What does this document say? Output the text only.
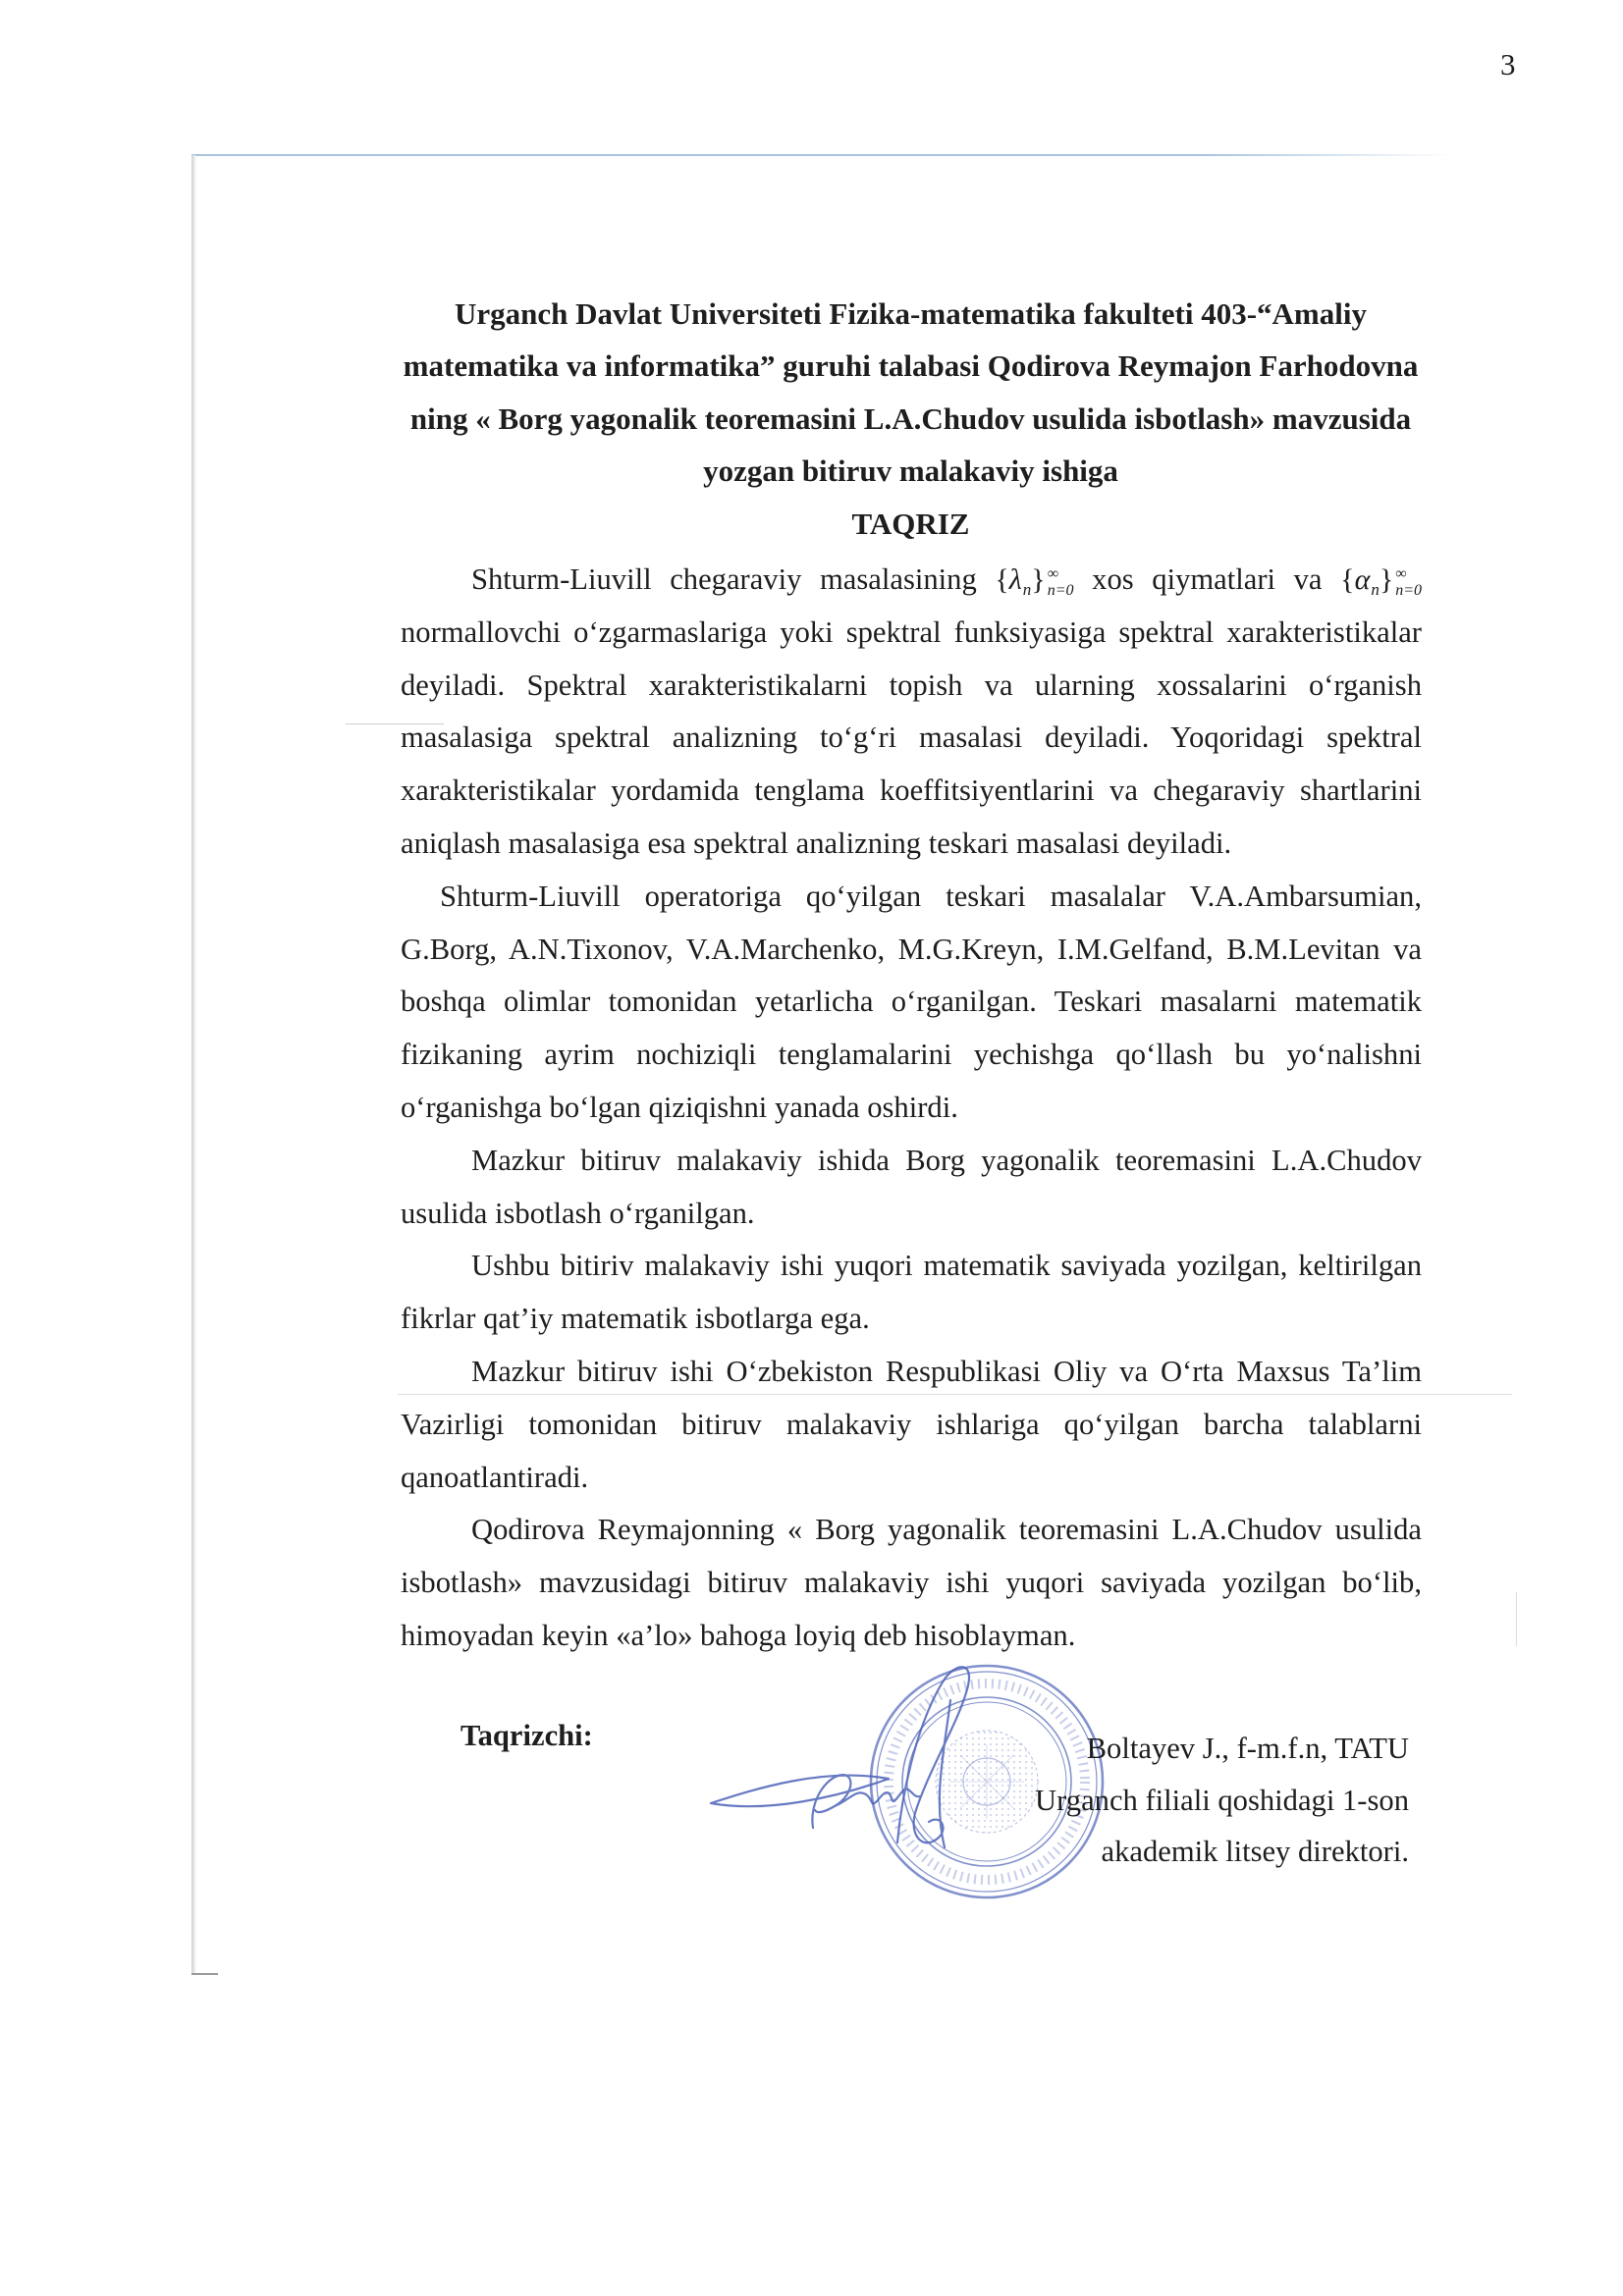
3
Urganch Davlat Universiteti Fizika-matematika fakulteti 403-“Amaliy
matematika va informatika” guruhi talabasi Qodirova Reymajon Farhodovna
ning « Borg yagonalik teoremasini L.A.Chudov usulida isbotlash» mavzusida
yozgan bitiruv malakaviy ishiga
TAQRIZ

Shturm-Liuvill chegaraviy masalasining {λn} ∞
n=0 xos qiymatlari va {αn} ∞
n=0
normallovchi o‘zgarmaslariga yoki spektral funksiyasiga spektral xarakteristikalar deyiladi. Spektral xarakteristikalarni topish va ularning xossalarini o‘rganish masalasiga spektral analizning to‘g‘ri masalasi deyiladi. Yoqoridagi spektral xarakteristikalar yordamida tenglama koeffitsiyentlarini va chegaraviy shartlarini aniqlash masalasiga esa spektral analizning teskari masalasi deyiladi.

Shturm-Liuvill operatoriga qo‘yilgan teskari masalalar V.A.Ambarsumian, G.Borg, A.N.Tixonov, V.A.Marchenko, M.G.Kreyn, I.M.Gelfand, B.M.Levitan va boshqa olimlar tomonidan yetarlicha o‘rganilgan. Teskari masalarni matematik fizikaning ayrim nochiziqli tenglamalarini yechishga qo‘llash bu yo‘nalishni o‘rganishga bo‘lgan qiziqishni yanada oshirdi.

Mazkur bitiruv malakaviy ishida Borg yagonalik teoremasini L.A.Chudov usulida isbotlash o‘rganilgan.

Ushbu bitiriv malakaviy ishi yuqori matematik saviyada yozilgan, keltirilgan fikrlar qat’iy matematik isbotlarga ega.

Mazkur bitiruv ishi O‘zbekiston Respublikasi Oliy va O‘rta Maxsus Ta’lim Vazirligi tomonidan bitiruv malakaviy ishlariga qo‘yilgan barcha talablarni qanoatlantiradi.

Qodirova Reymajonning « Borg yagonalik teoremasini L.A.Chudov usulida isbotlash» mavzusidagi bitiruv malakaviy ishi yuqori saviyada yozilgan bo‘lib, himoyadan keyin «a’lo» bahoga loyiq deb hisoblayman.

Taqrizchi:	Boltayev J., f-m.f.n, TATU
Urganch filiali qoshidagi 1-son
akademik litsey direktori.
